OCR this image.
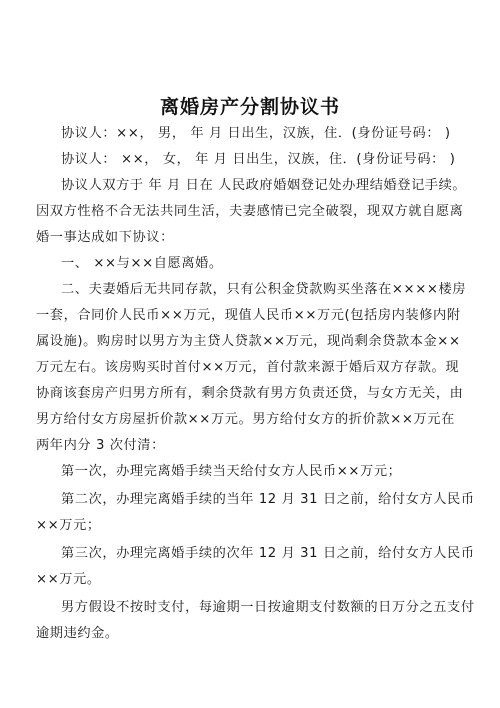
离婚房产分割协议书
协议人：××， 男， 年 月 日出生，汉族，住．(身份证号码： )
协议人： ××， 女， 年 月 日出生，汉族，住．(身份证号码： )
协议人双方于 年 月 日在 人民政府婚姻登记处办理结婚登记手续。
因双方性格不合无法共同生活，夫妻感情已完全破裂，现双方就自愿离
婚一事达成如下协议：
一、 ××与××自愿离婚。
二、夫妻婚后无共同存款，只有公积金贷款购买坐落在××××楼房
一套，合同价人民币××万元，现值人民币××万元(包括房内装修内附
属设施)。购房时以男方为主贷人贷款××万元，现尚剩余贷款本金××
万元左右。该房购买时首付××万元，首付款来源于婚后双方存款。现
协商该套房产归男方所有，剩余贷款有男方负责还贷，与女方无关，由
男方给付女方房屋折价款××万元。男方给付女方的折价款××万元在
两年内分 3 次付清：
第一次，办理完离婚手续当天给付女方人民币××万元；
第二次，办理完离婚手续的当年 12 月 31 日之前，给付女方人民币
××万元；
第三次，办理完离婚手续的次年 12 月 31 日之前，给付女方人民币
××万元。
男方假设不按时支付，每逾期一日按逾期支付数额的日万分之五支付
逾期违约金。
